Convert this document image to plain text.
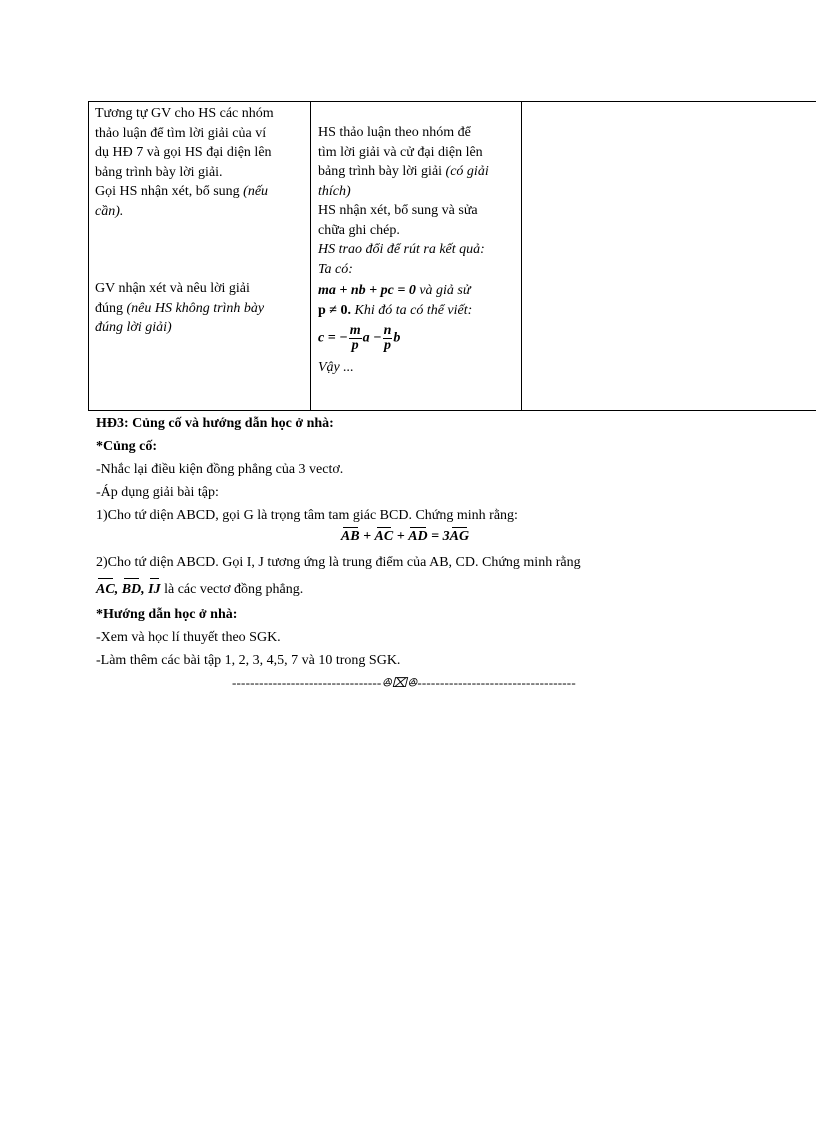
Tương tự GV cho HS các nhóm
thảo luận để tìm lời giải của ví
dụ HĐ 7 và gọi HS đại diện lên
bảng trình bày lời giải.
Gọi HS nhận xét, bổ sung (nếu
cần).
GV nhận xét và nêu lời giải
đúng (nêu HS không trình bày
đúng lời giải)
HS thảo luận theo nhóm để
tìm lời giải và cử đại diện lên
bảng trình bày lời giải (có giải
thích)
HS nhận xét, bổ sung và sửa
chữa ghi chép.
HS trao đổi để rút ra kết quả:
Ta có:
ma + nb + pc = 0 và giả sử
p ≠ 0. Khi đó ta có thể viết:
c = − $\frac{m}{p}$ $a - \frac{n}{p}$ b
Vậy ...
HĐ3: Củng cố và hướng dẫn học ở nhà:
*Củng cố:
-Nhắc lại điều kiện đồng phẳng của 3 vectơ.
-Áp dụng giải bài tập:
1)Cho tứ diện ABCD, gọi G là trọng tâm tam giác BCD. Chứng minh rằng:
AB + AC + AD = 3AG
2)Cho tứ diện ABCD. Gọi I, J tương ứng là trung điểm của AB, CD. Chứng minh rằng
AC, BD, IJ là các vectơ đồng phẳng.
*Hướng dẫn học ở nhà:
-Xem và học lí thuyết theo SGK.
-Làm thêm các bài tập 1, 2, 3, 4,5, 7 và 10 trong SGK.
---------------------------------ꔮ⌧ꔮ-----------------------------------
